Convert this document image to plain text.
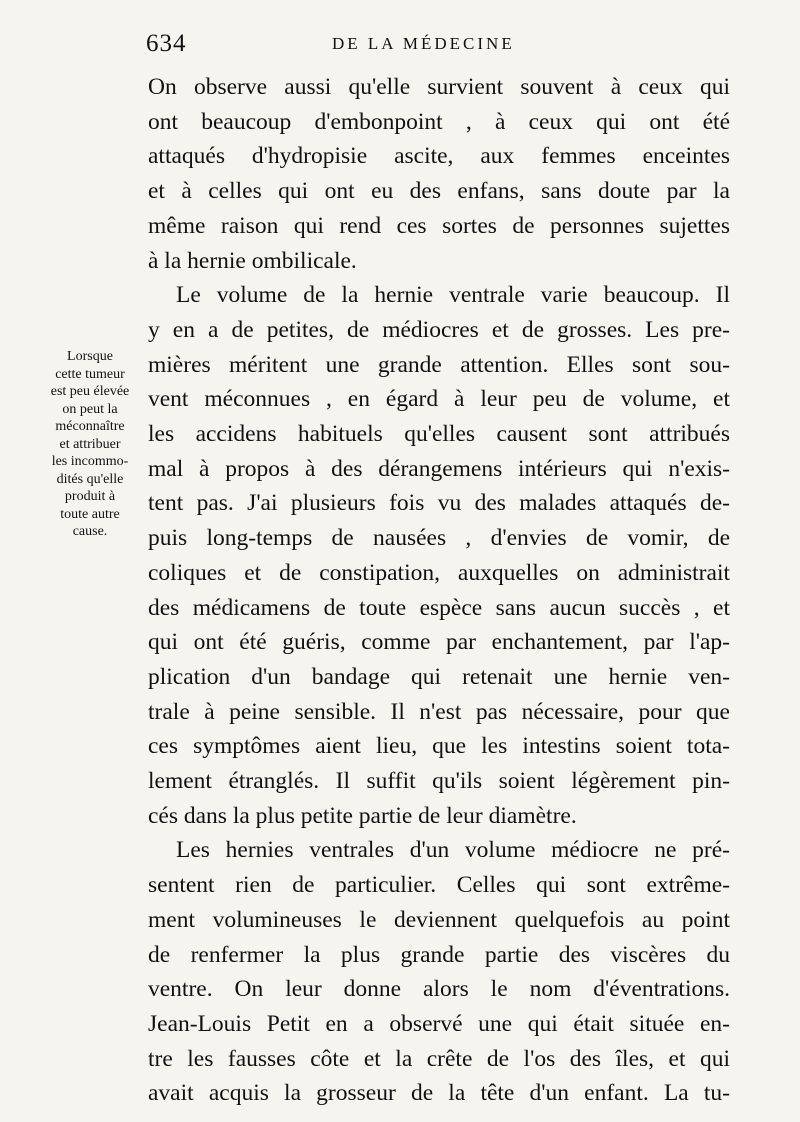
634	DE LA MÉDECINE
Lorsque
cette tumeur
est peu élevée
on peut la
méconnaître
et attribuer
les incommo-
dités qu'elle
produit à
toute autre
cause.
On observe aussi qu'elle survient souvent à ceux qui
ont beaucoup d'embonpoint , à ceux qui ont été
attaqués d'hydropisie ascite, aux femmes enceintes
et à celles qui ont eu des enfans, sans doute par la
même raison qui rend ces sortes de personnes sujettes
à la hernie ombilicale.
Le volume de la hernie ventrale varie beaucoup. Il
y en a de petites, de médiocres et de grosses. Les pre-
mières méritent une grande attention. Elles sont sou-
vent méconnues , en égard à leur peu de volume, et
les accidens habituels qu'elles causent sont attribués
mal à propos à des dérangemens intérieurs qui n'exis-
tent pas. J'ai plusieurs fois vu des malades attaqués de-
puis long-temps de nausées , d'envies de vomir, de
coliques et de constipation, auxquelles on administrait
des médicamens de toute espèce sans aucun succès , et
qui ont été guéris, comme par enchantement, par l'ap-
plication d'un bandage qui retenait une hernie ven-
trale à peine sensible. Il n'est pas nécessaire, pour que
ces symptômes aient lieu, que les intestins soient tota-
lement étranglés. Il suffit qu'ils soient légèrement pin-
cés dans la plus petite partie de leur diamètre.
Les hernies ventrales d'un volume médiocre ne pré-
sentent rien de particulier. Celles qui sont extrême-
ment volumineuses le deviennent quelquefois au point
de renfermer la plus grande partie des viscères du
ventre. On leur donne alors le nom d'éventrations.
Jean-Louis Petit en a observé une qui était située en-
tre les fausses côte et la crête de l'os des îles, et qui
avait acquis la grosseur de la tête d'un enfant. La tu-
